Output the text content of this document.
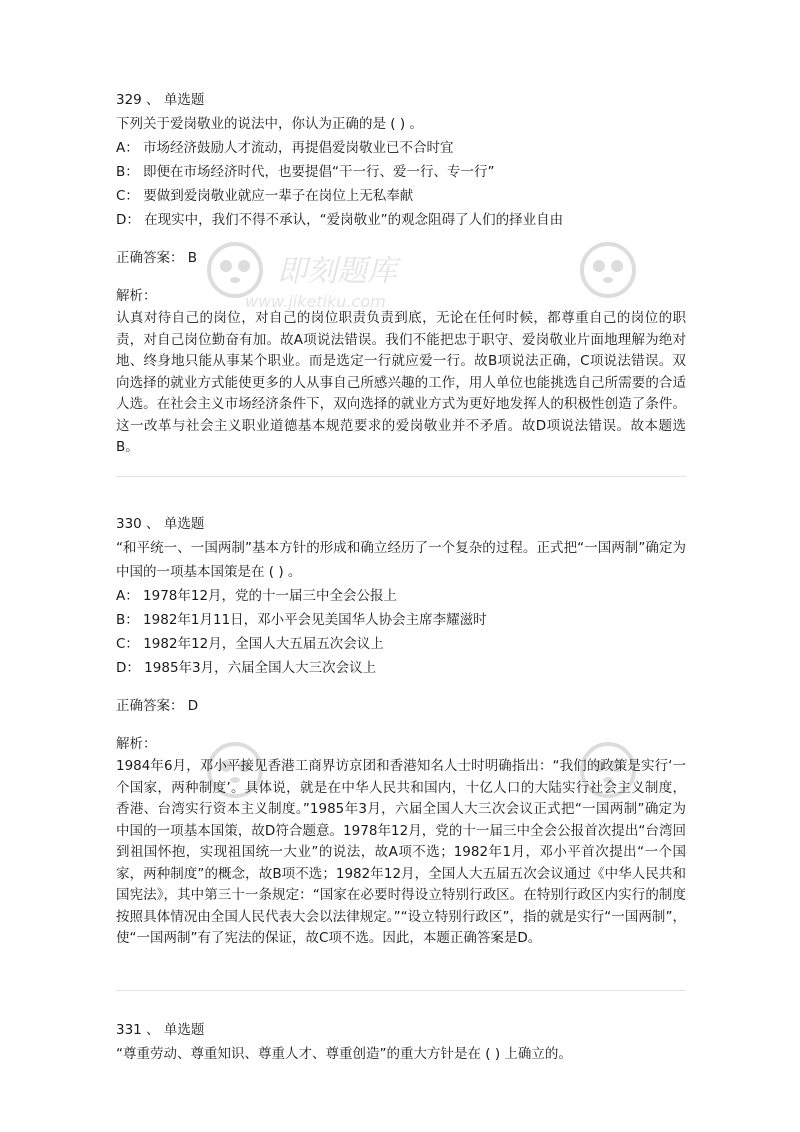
即刻题库
www.jiketiku.com
329 、 单选题
下列关于爱岗敬业的说法中，你认为正确的是 ( ) 。
A： 市场经济鼓励人才流动，再提倡爱岗敬业已不合时宜
B： 即便在市场经济时代，也要提倡“干一行、爱一行、专一行”
C： 要做到爱岗敬业就应一辈子在岗位上无私奉献
D： 在现实中，我们不得不承认，“爱岗敬业”的观念阻碍了人们的择业自由
正确答案： B
解析：
认真对待自己的岗位，对自己的岗位职责负责到底，无论在任何时候，都尊重自己的岗位的职责，对自己岗位勤奋有加。故A项说法错误。我们不能把忠于职守、爱岗敬业片面地理解为绝对地、终身地只能从事某个职业。而是选定一行就应爱一行。故B项说法正确，C项说法错误。双向选择的就业方式能使更多的人从事自己所感兴趣的工作，用人单位也能挑选自己所需要的合适人选。在社会主义市场经济条件下，双向选择的就业方式为更好地发挥人的积极性创造了条件。这一改革与社会主义职业道德基本规范要求的爱岗敬业并不矛盾。故D项说法错误。故本题选B。
330 、 单选题
“和平统一、一国两制”基本方针的形成和确立经历了一个复杂的过程。正式把“一国两制”确定为中国的一项基本国策是在 ( ) 。
A： 1978年12月，党的十一届三中全会公报上
B： 1982年1月11日，邓小平会见美国华人协会主席李耀滋时
C： 1982年12月，全国人大五届五次会议上
D： 1985年3月，六届全国人大三次会议上
正确答案： D
解析：
1984年6月，邓小平接见香港工商界访京团和香港知名人士时明确指出：“我们的政策是实行‘一个国家，两种制度’。具体说，就是在中华人民共和国内，十亿人口的大陆实行社会主义制度，香港、台湾实行资本主义制度。”1985年3月，六届全国人大三次会议正式把“一国两制”确定为中国的一项基本国策，故D符合题意。1978年12月，党的十一届三中全会公报首次提出“台湾回到祖国怀抱，实现祖国统一大业”的说法，故A项不选；1982年1月，邓小平首次提出“一个国家，两种制度”的概念，故B项不选；1982年12月，全国人大五届五次会议通过《中华人民共和国宪法》，其中第三十一条规定：“国家在必要时得设立特别行政区。在特别行政区内实行的制度按照具体情况由全国人民代表大会以法律规定。”“设立特别行政区”，指的就是实行“一国两制”，使“一国两制”有了宪法的保证，故C项不选。因此，本题正确答案是D。
331 、 单选题
“尊重劳动、尊重知识、尊重人才、尊重创造”的重大方针是在 ( ) 上确立的。
